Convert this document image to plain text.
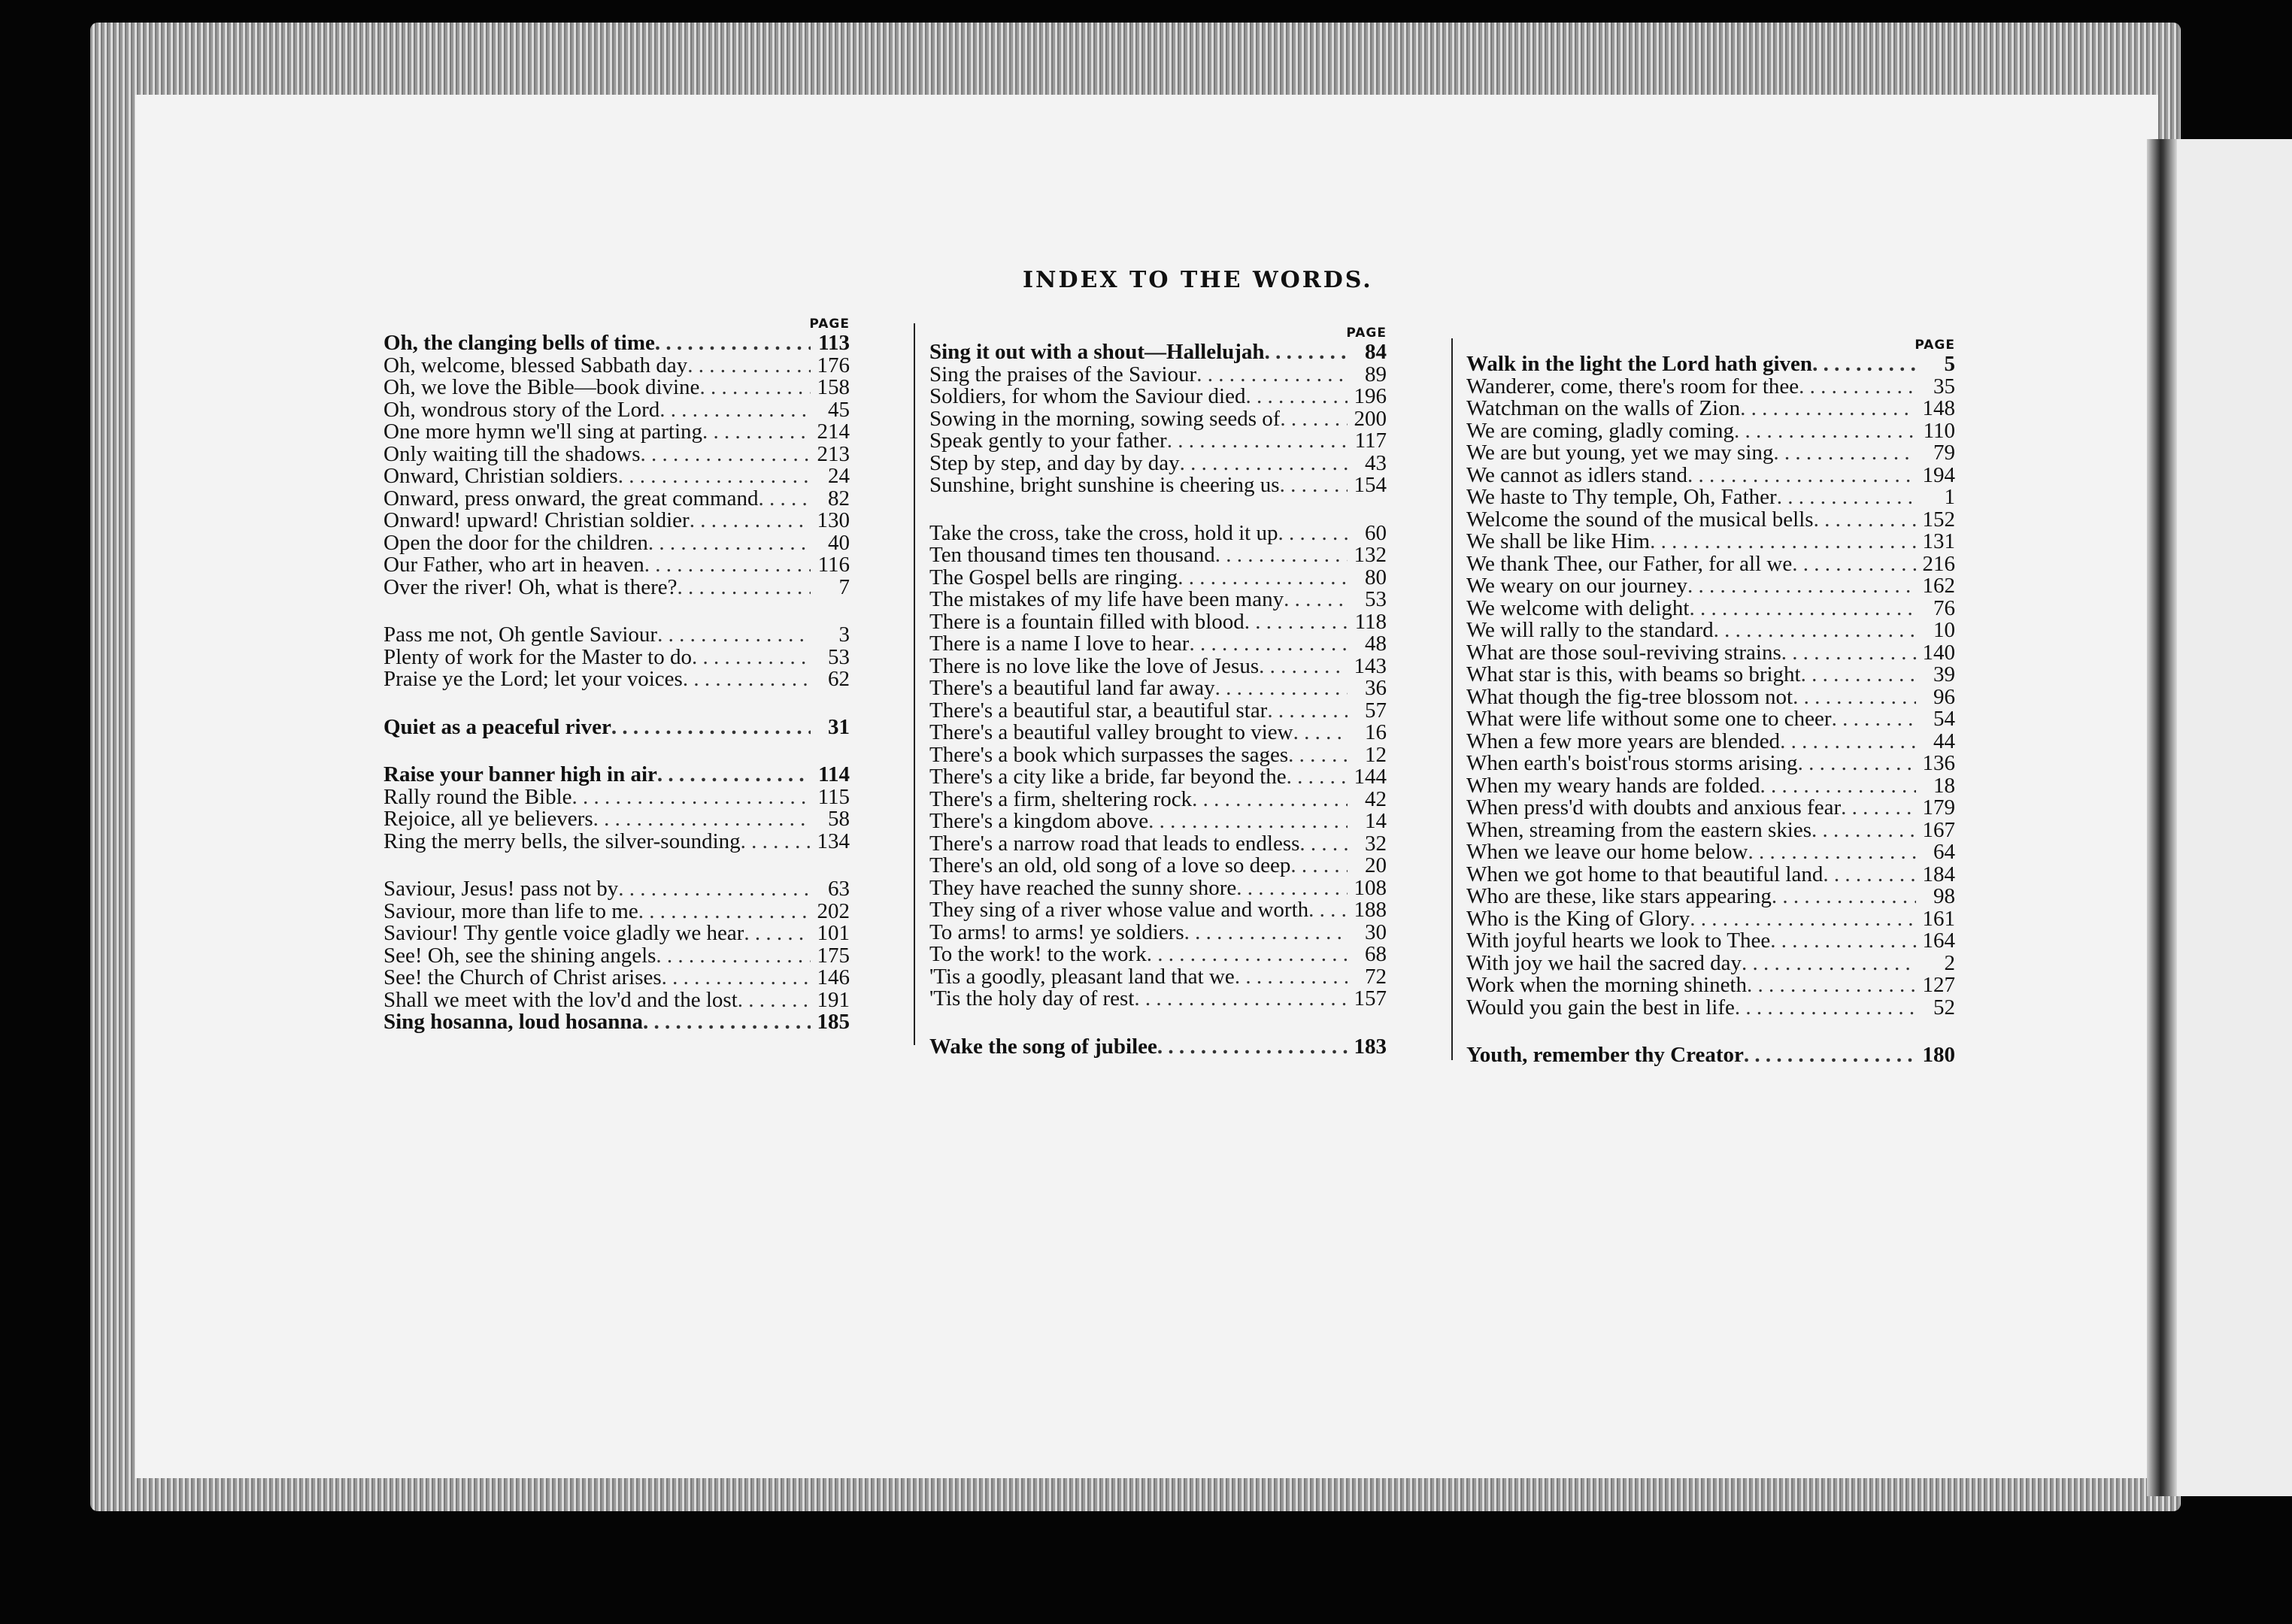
INDEX TO THE WORDS.
PAGE
Oh, the clanging bells of time . . .	113
Oh, welcome, blessed Sabbath day . . .	176
Oh, we love the Bible—book divine . . .	158
Oh, wondrous story of the Lord . . .	45
One more hymn we'll sing at parting . . .	214
Only waiting till the shadows . . .	213
Onward, Christian soldiers . . .	24
Onward, press onward, the great command . . .	82
Onward! upward! Christian soldier . . .	130
Open the door for the children . . .	40
Our Father, who art in heaven . . .	116
Over the river! Oh, what is there? . . .	7
Pass me not, Oh gentle Saviour . . .	3
Plenty of work for the Master to do . . .	53
Praise ye the Lord; let your voices . . .	62
Quiet as a peaceful river . . .	31
Raise your banner high in air . . .	114
Rally round the Bible . . .	115
Rejoice, all ye believers . . .	58
Ring the merry bells, the silver-sounding . . .	134
Saviour, Jesus! pass not by . . .	63
Saviour, more than life to me . . .	202
Saviour! Thy gentle voice gladly we hear . . .	101
See! Oh, see the shining angels . . .	175
See! the Church of Christ arises . . .	146
Shall we meet with the lov'd and the lost . . .	191
Sing hosanna, loud hosanna . . .	185
PAGE
Sing it out with a shout—Hallelujah . . .	84
Sing the praises of the Saviour . . .	89
Soldiers, for whom the Saviour died . . .	196
Sowing in the morning, sowing seeds of . . .	200
Speak gently to your father . . .	117
Step by step, and day by day . . .	43
Sunshine, bright sunshine is cheering us . . .	154
Take the cross, take the cross, hold it up . . .	60
Ten thousand times ten thousand . . .	132
The Gospel bells are ringing . . .	80
The mistakes of my life have been many . . .	53
There is a fountain filled with blood . . .	118
There is a name I love to hear . . .	48
There is no love like the love of Jesus . . .	143
There's a beautiful land far away . . .	36
There's a beautiful star, a beautiful star . . .	57
There's a beautiful valley brought to view . . .	16
There's a book which surpasses the sages . . .	12
There's a city like a bride, far beyond the . . .	144
There's a firm, sheltering rock . . .	42
There's a kingdom above . . .	14
There's a narrow road that leads to endless . . .	32
There's an old, old song of a love so deep . . .	20
They have reached the sunny shore . . .	108
They sing of a river whose value and worth . . . 188
To arms! to arms! ye soldiers . . .	30
To the work! to the work . . .	68
'Tis a goodly, pleasant land that we . . .	72
'Tis the holy day of rest . . .	157
Wake the song of jubilee . . .	183
PAGE
Walk in the light the Lord hath given . . .	5
Wanderer, come, there's room for thee . . .	35
Watchman on the walls of Zion . . .	148
We are coming, gladly coming . . .	110
We are but young, yet we may sing . . .	79
We cannot as idlers stand . . .	194
We haste to Thy temple, Oh, Father . . .	1
Welcome the sound of the musical bells . . .	152
We shall be like Him . . .	131
We thank Thee, our Father, for all we . . .	216
We weary on our journey . . .	162
We welcome with delight . . .	76
We will rally to the standard . . .	10
What are those soul-reviving strains . . .	140
What star is this, with beams so bright . . .	39
What though the fig-tree blossom not . . .	96
What were life without some one to cheer . . .	54
When a few more years are blended . . .	44
When earth's boist'rous storms arising . . .	136
When my weary hands are folded . . .	18
When press'd with doubts and anxious fear . . .	179
When, streaming from the eastern skies . . .	167
When we leave our home below . . .	64
When we got home to that beautiful land . . .	184
Who are these, like stars appearing . . .	98
Who is the King of Glory . . .	161
With joyful hearts we look to Thee . . .	164
With joy we hail the sacred day . . .	2
Work when the morning shineth . . .	127
Would you gain the best in life . . .	52
Youth, remember thy Creator . . .	180
